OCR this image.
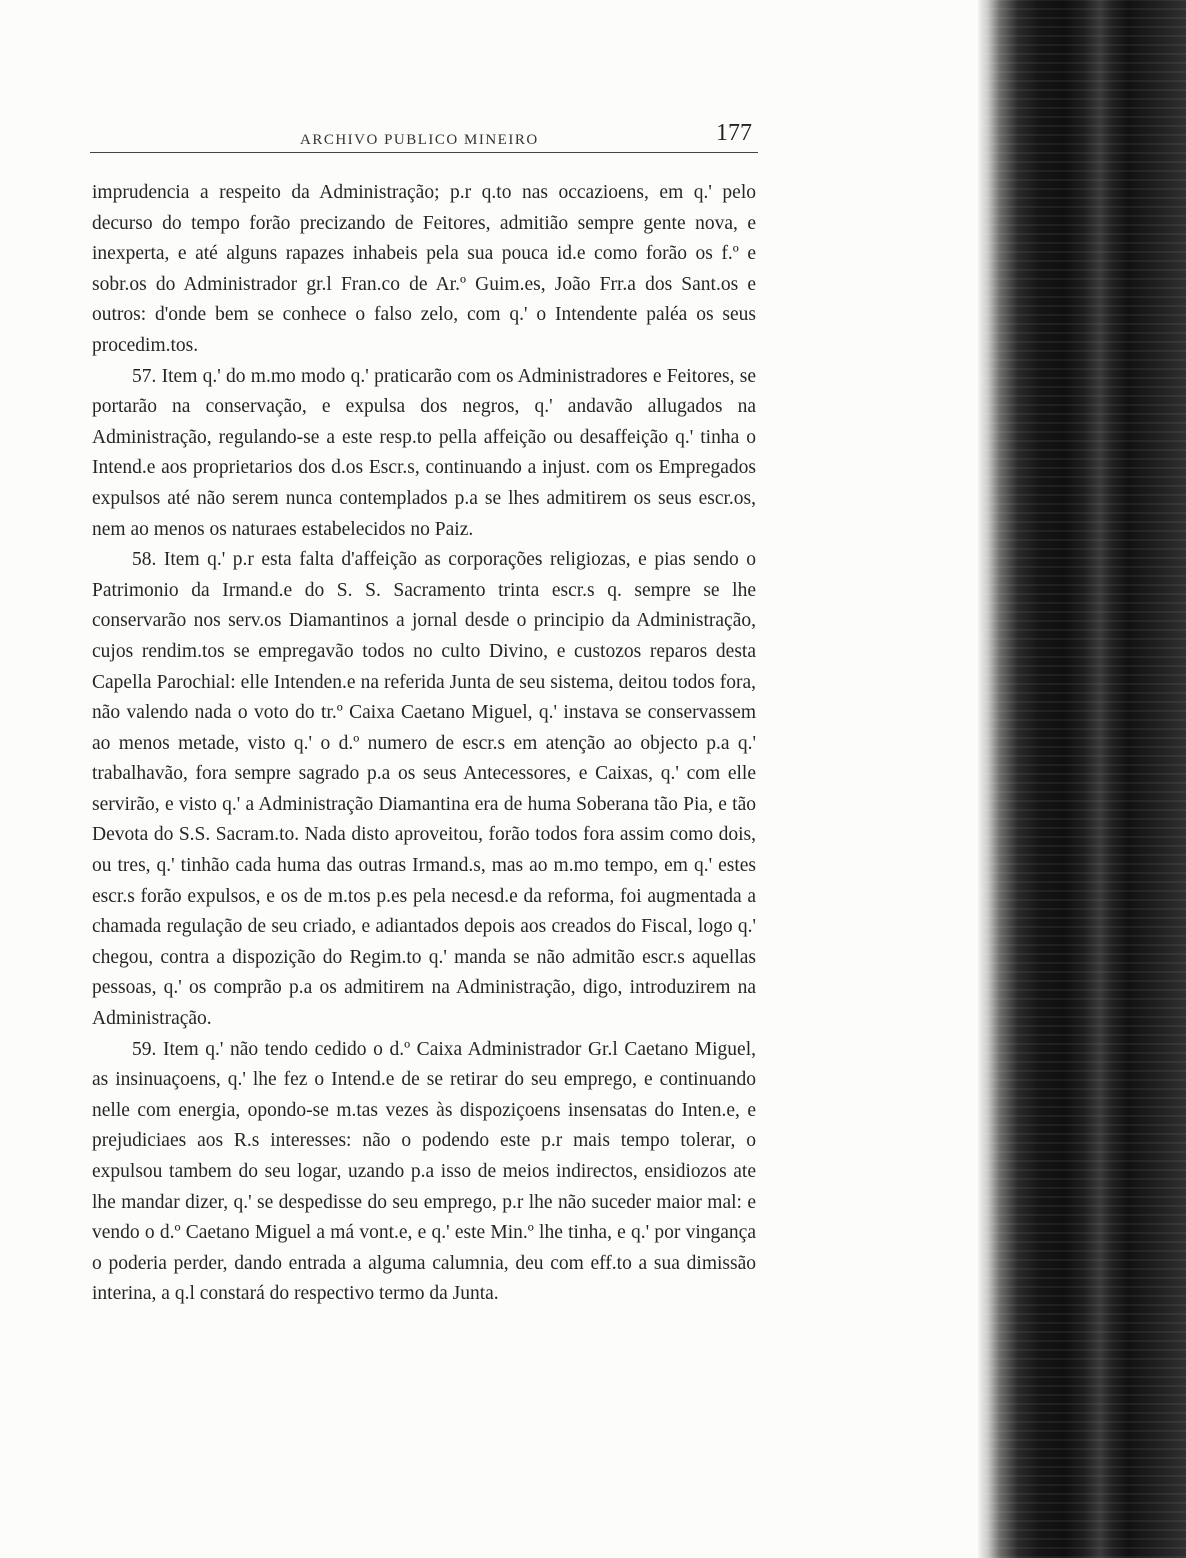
ARCHIVO PUBLICO MINEIRO	177

imprudencia a respeito da Administração; p.r q.to nas occazioens, em q.' pelo decurso do tempo forão precizando de Feitores, admitião sempre gente nova, e inexperta, e até alguns rapazes inhabeis pela sua pouca id.e como forão os f.º e sobr.os do Administrador gr.l Fran.co de Ar.º Guim.es, João Frr.a dos Sant.os e outros: d'onde bem se conhece o falso zelo, com q.' o Intendente paléa os seus procedim.tos.

57. Item q.' do m.mo modo q.' praticarão com os Administradores e Feitores, se portarão na conservação, e expulsa dos negros, q.' andavão allugados na Administração, regulando-se a este resp.to pella affeição ou desaffeição q.' tinha o Intend.e aos proprietarios dos d.os Escr.s, continuando a injust. com os Empregados expulsos até não serem nunca contemplados p.a se lhes admitirem os seus escr.os, nem ao menos os naturaes estabelecidos no Paiz.

58. Item q.' p.r esta falta d'affeição as corporações religiozas, e pias sendo o Patrimonio da Irmand.e do S. S. Sacramento trinta escr.s q. sempre se lhe conservarão nos serv.os Diamantinos a jornal desde o principio da Administração, cujos rendim.tos se empregavão todos no culto Divino, e custozos reparos desta Capella Parochial: elle Intenden.e na referida Junta de seu sistema, deitou todos fora, não valendo nada o voto do tr.º Caixa Caetano Miguel, q.' instava se conservassem ao menos metade, visto q.' o d.º numero de escr.s em atenção ao objecto p.a q.' trabalhavão, fora sempre sagrado p.a os seus Antecessores, e Caixas, q.' com elle servirão, e visto q.' a Administração Diamantina era de huma Soberana tão Pia, e tão Devota do S.S. Sacram.to. Nada disto aproveitou, forão todos fora assim como dois, ou tres, q.' tinhão cada huma das outras Irmand.s, mas ao m.mo tempo, em q.' estes escr.s forão expulsos, e os de m.tos p.es pela necesd.e da reforma, foi augmentada a chamada regulação de seu criado, e adiantados depois aos creados do Fiscal, logo q.' chegou, contra a dispozição do Regim.to q.' manda se não admitão escr.s aquellas pessoas, q.' os comprão p.a os admitirem na Administração, digo, introduzirem na Administração.

59. Item q.' não tendo cedido o d.º Caixa Administrador Gr.l Caetano Miguel, as insinuaçoens, q.' lhe fez o Intend.e de se retirar do seu emprego, e continuando nelle com energia, opondo-se m.tas vezes às dispoziçoens insensatas do Inten.e, e prejudiciaes aos R.s interesses: não o podendo este p.r mais tempo tolerar, o expulsou tambem do seu logar, uzando p.a isso de meios indirectos, ensidiozos ate lhe mandar dizer, q.' se despedisse do seu emprego, p.r lhe não suceder maior mal: e vendo o d.º Caetano Miguel a má vont.e, e q.' este Min.º lhe tinha, e q.' por vingança o poderia perder, dando entrada a alguma calumnia, deu com eff.to a sua dimissão interina, a q.l constará do respectivo termo da Junta.
